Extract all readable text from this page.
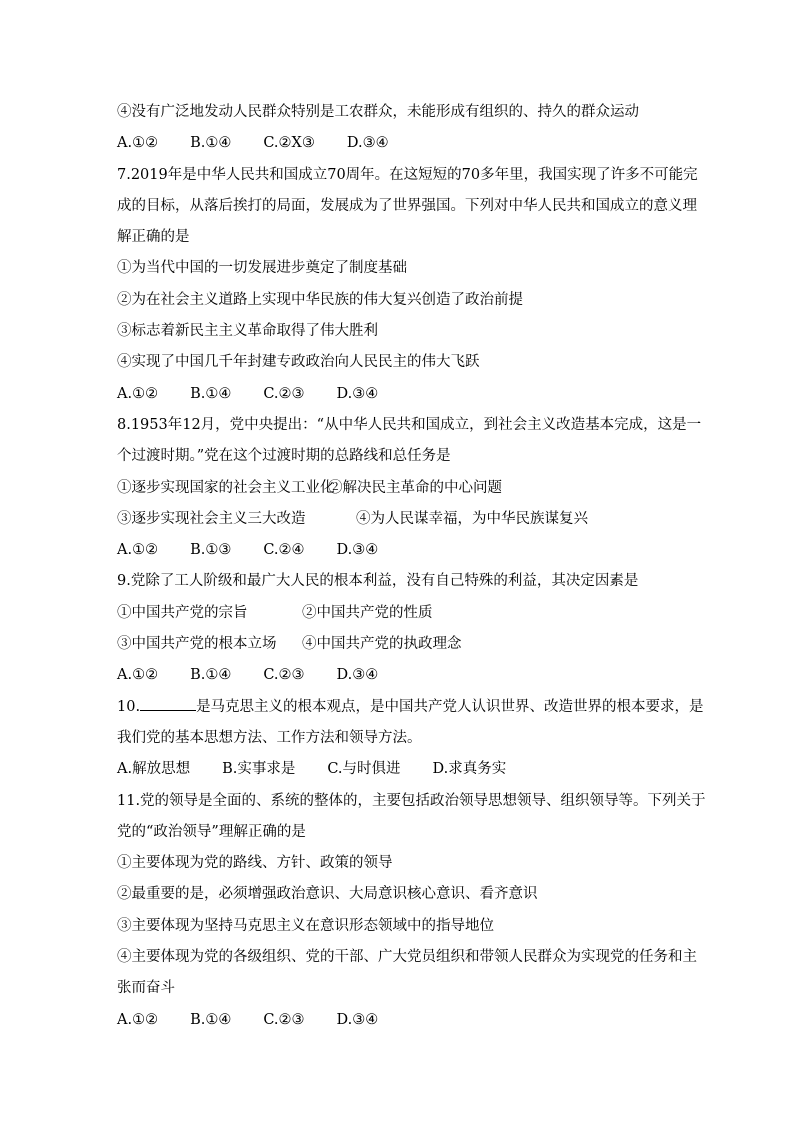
④没有广泛地发动人民群众特别是工农群众，未能形成有组织的、持久的群众运动
A.①② B.①④ C.②X③ D.③④
7.2019年是中华人民共和国成立70周年。在这短短的70多年里，我国实现了许多不可能完
成的目标，从落后挨打的局面，发展成为了世界强国。下列对中华人民共和国成立的意义理
解正确的是
①为当代中国的一切发展进步奠定了制度基础
②为在社会主义道路上实现中华民族的伟大复兴创造了政治前提
③标志着新民主主义革命取得了伟大胜利
④实现了中国几千年封建专政政治向人民民主的伟大飞跃
A.①② B.①④ C.②③ D.③④
8.1953年12月，党中央提出：“从中华人民共和国成立，到社会主义改造基本完成，这是一
个过渡时期。”党在这个过渡时期的总路线和总任务是
①逐步实现国家的社会主义工业化②解决民主革命的中心问题
③逐步实现社会主义三大改造	④为人民谋幸福，为中华民族谋复兴
A.①② B.①③ C.②④ D.③④
9.党除了工人阶级和最广大人民的根本利益，没有自己特殊的利益，其决定因素是
①中国共产党的宗旨	②中国共产党的性质
③中国共产党的根本立场 ④中国共产党的执政理念
A.①② B.①④ C.②③ D.③④
10.	是马克思主义的根本观点，是中国共产党人认识世界、改造世界的根本要求，是
我们党的基本思想方法、工作方法和领导方法。
A.解放思想 B.实事求是 C.与时俱进 D.求真务实
11.党的领导是全面的、系统的整体的，主要包括政治领导思想领导、组织领导等。下列关于
党的“政治领导”理解正确的是
①主要体现为党的路线、方针、政策的领导
②最重要的是，必须增强政治意识、大局意识核心意识、看齐意识
③主要体现为坚持马克思主义在意识形态领域中的指导地位
④主要体现为党的各级组织、党的干部、广大党员组织和带领人民群众为实现党的任务和主
张而奋斗
A.①② B.①④ C.②③ D.③④
